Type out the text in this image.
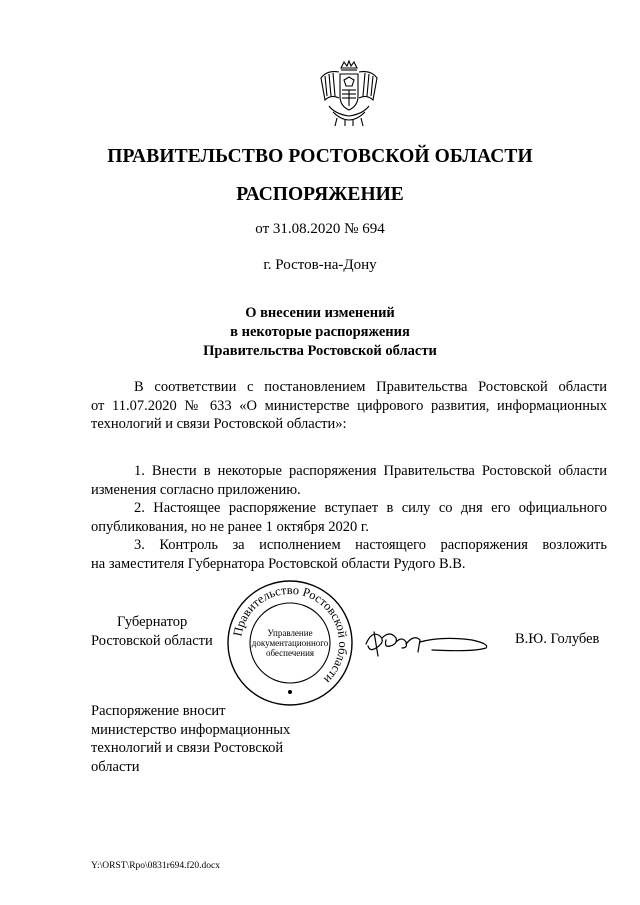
ПРАВИТЕЛЬСТВО РОСТОВСКОЙ ОБЛАСТИ
РАСПОРЯЖЕНИЕ
от 31.08.2020 № 694
г. Ростов-на-Дону
О внесении изменений
в некоторые распоряжения
Правительства Ростовской области
В соответствии с постановлением Правительства Ростовской области
от 11.07.2020 № 633 «О министерстве цифрового развития, информационных
технологий и связи Ростовской области»:
1. Внести в некоторые распоряжения Правительства Ростовской области
изменения согласно приложению.
2. Настоящее распоряжение вступает в силу со дня его официального
опубликования, но не ранее 1 октября 2020 г.
3. Контроль за исполнением настоящего распоряжения возложить
на заместителя Губернатора Ростовской области Рудого В.В.
Губернатор
Ростовской области
Правительство Ростовской области
Управление
документационного
обеспечения
В.Ю. Голубев
Распоряжение вносит
министерство информационных
технологий и связи Ростовской
области
Y:\ORST\Rpo\0831r694.f20.docx
